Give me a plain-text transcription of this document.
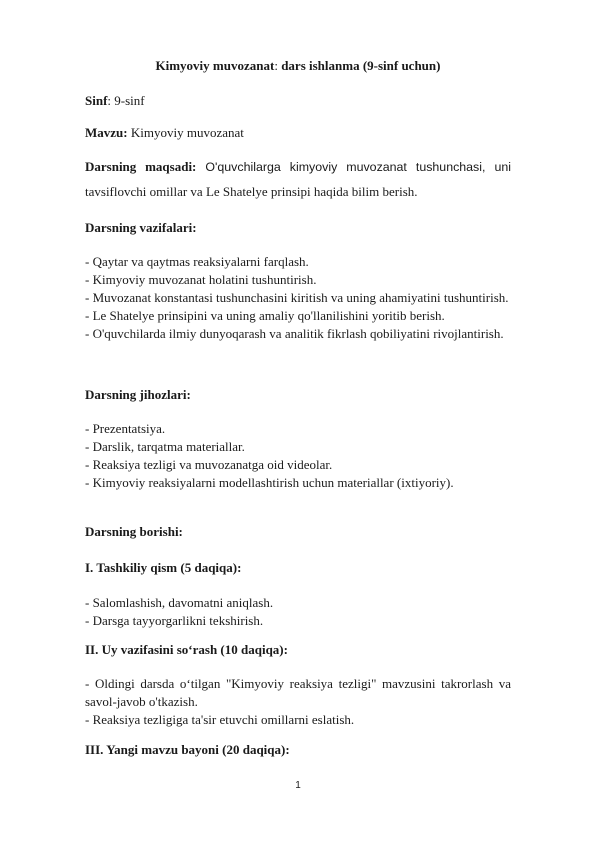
Kimyoviy muvozanat: dars ishlanma (9-sinf uchun)
Sinf: 9-sinf
Mavzu: Kimyoviy muvozanat
Darsning maqsadi: O'quvchilarga kimyoviy muvozanat tushunchasi, uni
tavsiflovchi omillar va Le Shatelye prinsipi haqida bilim berish.
Darsning vazifalari:
- Qaytar va qaytmas reaksiyalarni farqlash.
- Kimyoviy muvozanat holatini tushuntirish.
- Muvozanat konstantasi tushunchasini kiritish va uning ahamiyatini tushuntirish.
- Le Shatelye prinsipini va uning amaliy qo'llanilishini yoritib berish.
- O'quvchilarda ilmiy dunyoqarash va analitik fikrlash qobiliyatini rivojlantirish.
Darsning jihozlari:
- Prezentatsiya.
- Darslik, tarqatma materiallar.
- Reaksiya tezligi va muvozanatga oid videolar.
- Kimyoviy reaksiyalarni modellashtirish uchun materiallar (ixtiyoriy).
Darsning borishi:
I. Tashkiliy qism (5 daqiqa):
- Salomlashish, davomatni aniqlash.
- Darsga tayyorgarlikni tekshirish.
II. Uy vazifasini so‘rash (10 daqiqa):
- Oldingi darsda o‘tilgan "Kimyoviy reaksiya tezligi" mavzusini takrorlash va
savol-javob o'tkazish.
- Reaksiya tezligiga ta'sir etuvchi omillarni eslatish.
III. Yangi mavzu bayoni (20 daqiqa):
1
